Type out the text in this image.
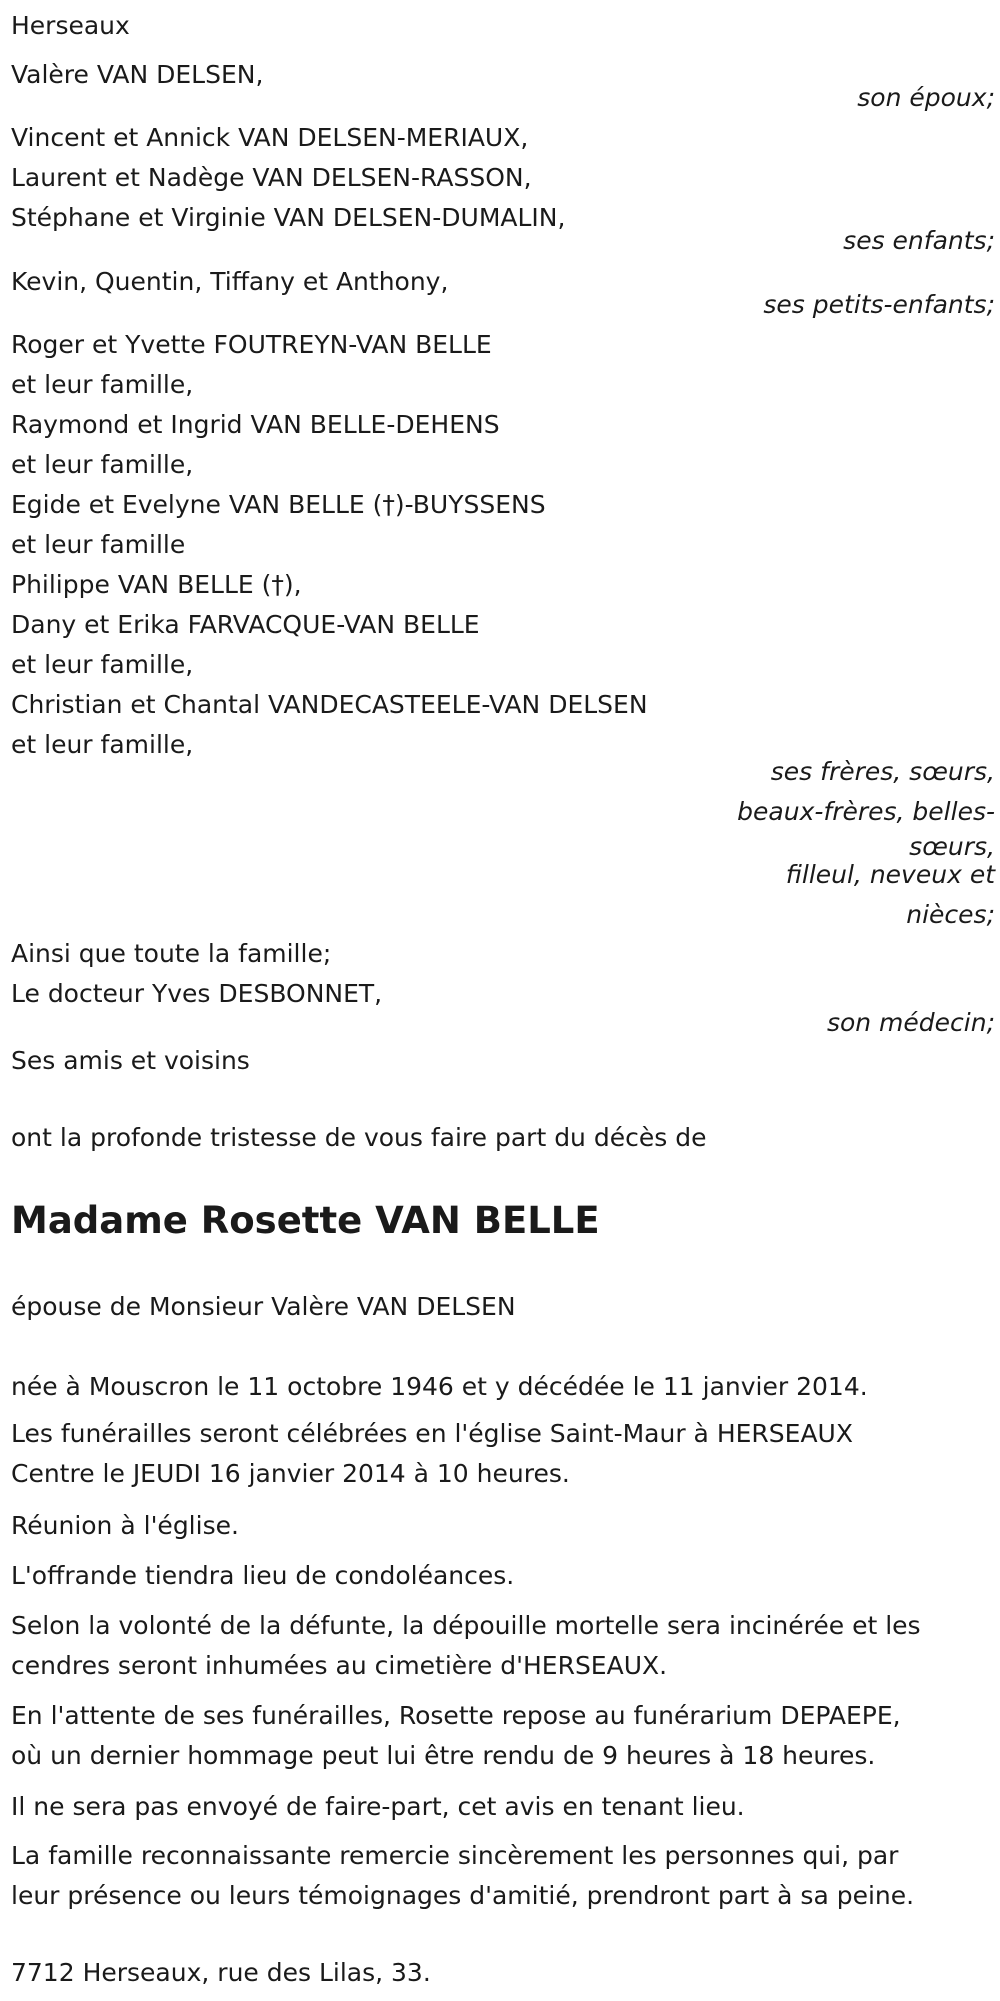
Herseaux

Valère VAN DELSEN,

son époux;

Vincent et Annick VAN DELSEN-MERIAUX,
Laurent et Nadège VAN DELSEN-RASSON,
Stéphane et Virginie VAN DELSEN-DUMALIN,

ses enfants;

Kevin, Quentin, Tiffany et Anthony,

ses petits-enfants;

Roger et Yvette FOUTREYN-VAN BELLE
et leur famille,
Raymond et Ingrid VAN BELLE-DEHENS
et leur famille,
Egide et Evelyne VAN BELLE (†)-BUYSSENS
et leur famille
Philippe VAN BELLE (†),
Dany et Erika FARVACQUE-VAN BELLE
et leur famille,
Christian et Chantal VANDECASTEELE-VAN DELSEN
et leur famille,
ses frères, sœurs,
beaux-frères, belles-
sœurs,
filleul, neveux et
nièces;
Ainsi que toute la famille;
Le docteur Yves DESBONNET,

son médecin;

Ses amis et voisins

ont la profonde tristesse de vous faire part du décès de

Madame Rosette VAN BELLE

épouse de Monsieur Valère VAN DELSEN

née à Mouscron le 11 octobre 1946 et y décédée le 11 janvier 2014.

Les funérailles seront célébrées en l'église Saint-Maur à HERSEAUX
Centre le JEUDI 16 janvier 2014 à 10 heures.

Réunion à l'église.

L'offrande tiendra lieu de condoléances.

Selon la volonté de la défunte, la dépouille mortelle sera incinérée et les
cendres seront inhumées au cimetière d'HERSEAUX.
En l'attente de ses funérailles, Rosette repose au funérarium DEPAEPE,
où un dernier hommage peut lui être rendu de 9 heures à 18 heures.

Il ne sera pas envoyé de faire-part, cet avis en tenant lieu.

La famille reconnaissante remercie sincèrement les personnes qui, par
leur présence ou leurs témoignages d'amitié, prendront part à sa peine.

7712 Herseaux, rue des Lilas, 33.
